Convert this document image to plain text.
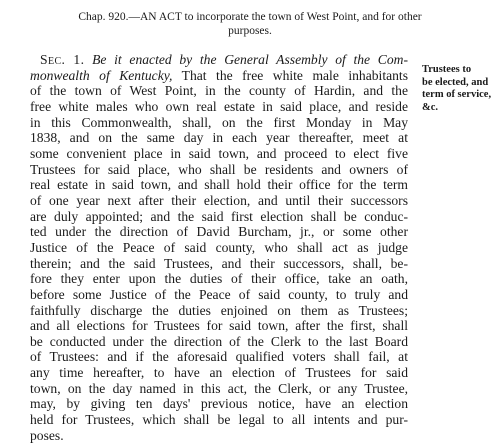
Chap. 920.—AN ACT to incorporate the town of West Point, and for other
purposes.
Sec. 1. Be it enacted by the General Assembly of the Com-
monwealth of Kentucky, That the free white male inhabitants
of the town of West Point, in the county of Hardin, and the
free white males who own real estate in said place, and reside
in this Commonwealth, shall, on the first Monday in May
1838, and on the same day in each year thereafter, meet at
some convenient place in said town, and proceed to elect five
Trustees for said place, who shall be residents and owners of
real estate in said town, and shall hold their office for the term
of one year next after their election, and until their successors
are duly appointed; and the said first election shall be conduc-
ted under the direction of David Burcham, jr., or some other
Justice of the Peace of said county, who shall act as judge
therein; and the said Trustees, and their successors, shall, be-
fore they enter upon the duties of their office, take an oath,
before some Justice of the Peace of said county, to truly and
faithfully discharge the duties enjoined on them as Trustees;
and all elections for Trustees for said town, after the first, shall
be conducted under the direction of the Clerk to the last Board
of Trustees: and if the aforesaid qualified voters shall fail, at
any time hereafter, to have an election of Trustees for said
town, on the day named in this act, the Clerk, or any Trustee,
may, by giving ten days' previous notice, have an election
held for Trustees, which shall be legal to all intents and pur-
poses.
Trustees to
be elected, and
term of service,
&c.
